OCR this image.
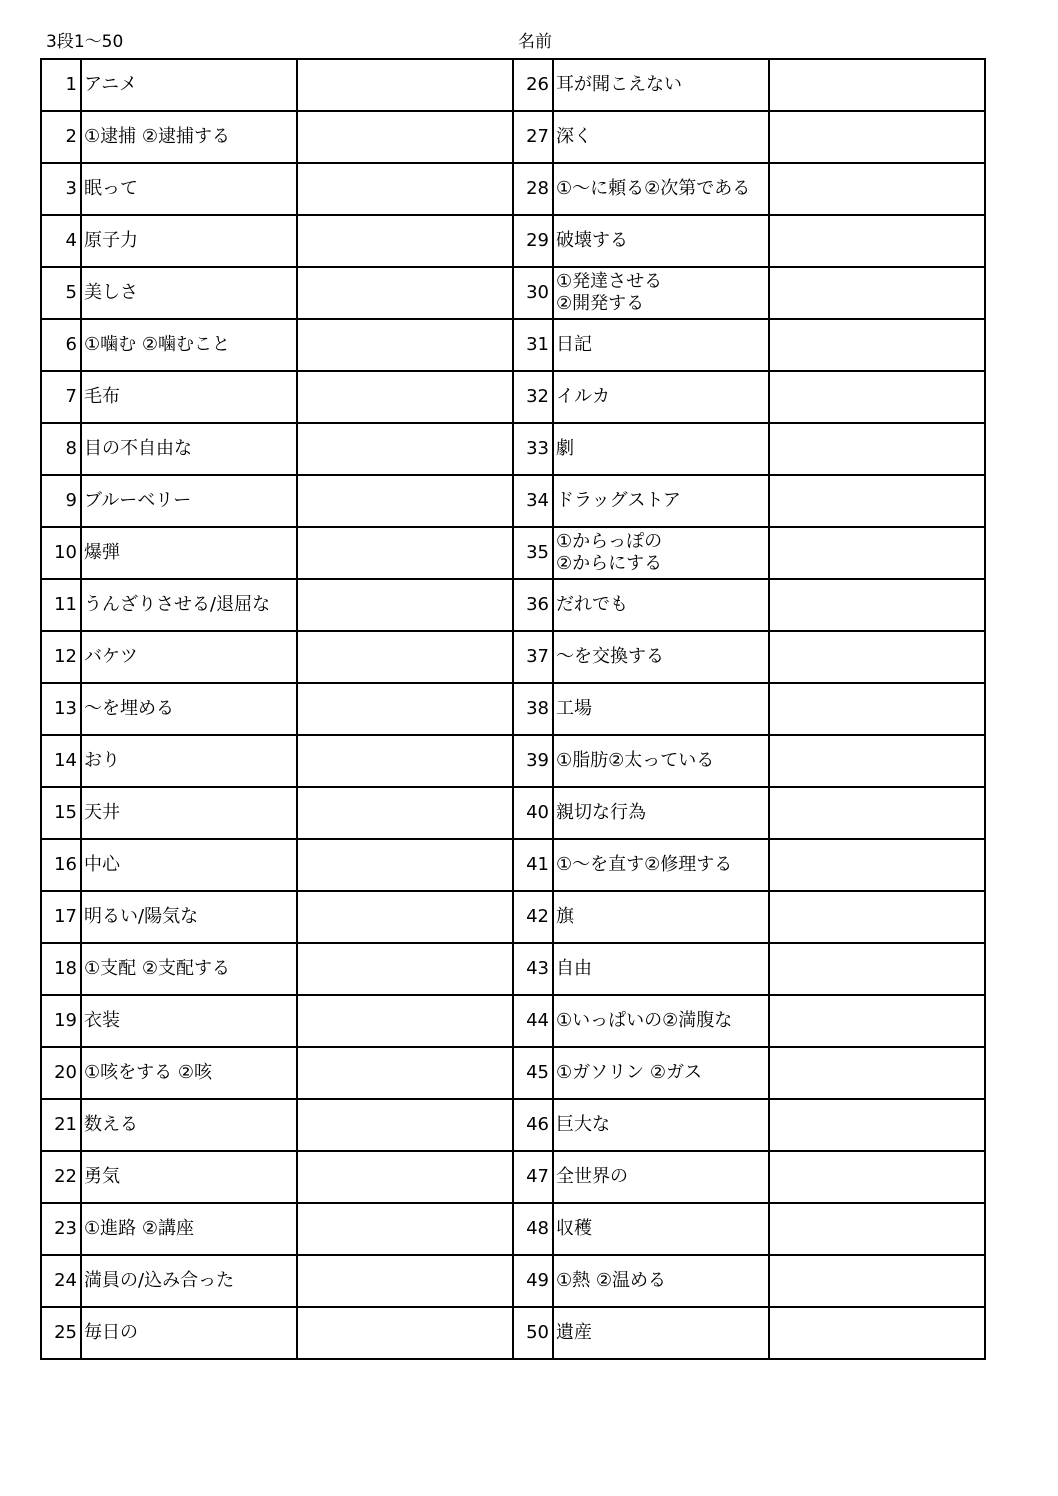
3段1～50	名前
1	アニメ		26	耳が聞こえない	
2	①逮捕 ②逮捕する		27	深く	
3	眠って		28	①～に頼る②次第である	
4	原子力		29	破壊する	
5	美しさ		30	①発達させる
②開発する	
6	①噛む ②噛むこと		31	日記	
7	毛布		32	イルカ	
8	目の不自由な		33	劇	
9	ブルーベリー		34	ドラッグストア	
10	爆弾		35	①からっぽの
②からにする	
11	うんざりさせる/退屈な		36	だれでも	
12	バケツ		37	～を交換する	
13	～を埋める		38	工場	
14	おり		39	①脂肪②太っている	
15	天井		40	親切な行為	
16	中心		41	①～を直す②修理する	
17	明るい/陽気な		42	旗	
18	①支配 ②支配する		43	自由	
19	衣装		44	①いっぱいの②満腹な	
20	①咳をする ②咳		45	①ガソリン ②ガス	
21	数える		46	巨大な	
22	勇気		47	全世界の	
23	①進路 ②講座		48	収穫	
24	満員の/込み合った		49	①熱 ②温める	
25	毎日の		50	遺産	
